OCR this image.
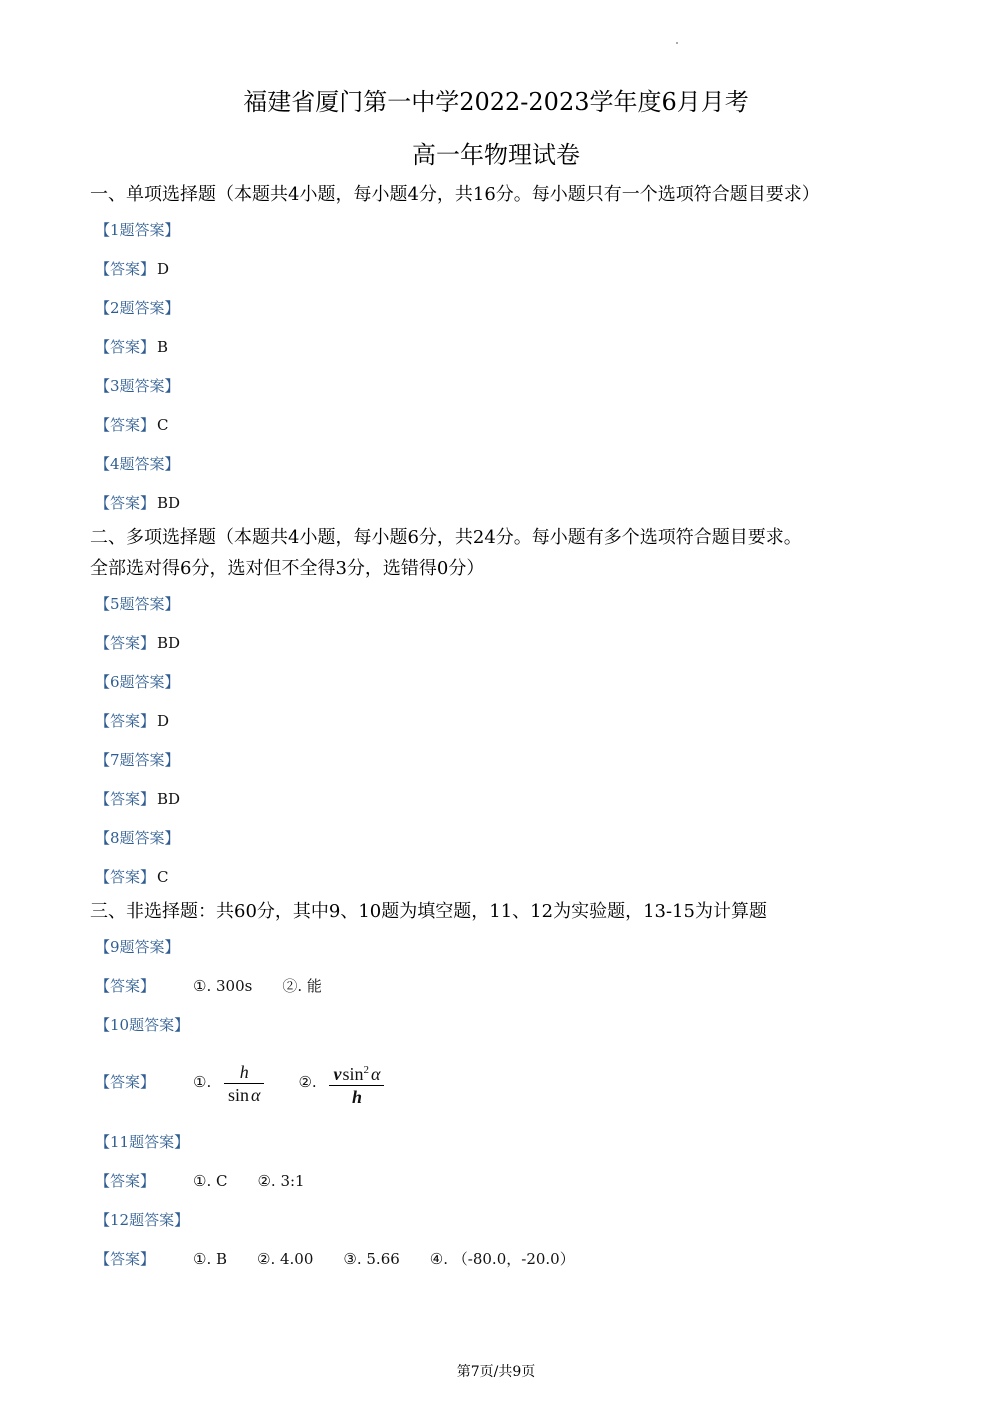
福建省厦门第一中学2022-2023学年度6月月考
高一年物理试卷
一、单项选择题（本题共4小题，每小题4分，共16分。每小题只有一个选项符合题目要求）
【1题答案】
【答案】 D
【2题答案】
【答案】 B
【3题答案】
【答案】 C
【4题答案】
【答案】 BD
二、多项选择题（本题共4小题，每小题6分，共24分。每小题有多个选项符合题目要求。
全部选对得6分，选对但不全得3分，选错得0分）
【5题答案】
【答案】 BD
【6题答案】
【答案】 D
【7题答案】
【答案】 BD
【8题答案】
【答案】 C
三、非选择题：共60分，其中9、10题为填空题，11、12为实验题，13-15为计算题
【9题答案】
【答案】	①. 300s ②. 能
【10题答案】
【答案】	①. $\frac{h}{\text{sin α}}$ ②. $\frac{vsin^2 \alpha}{h}$
【11题答案】
【答案】	①. C ②. 3:1
【12题答案】
【答案】	①. B ②. 4.00 ③. 5.66 ④. （-80.0，-20.0）
第7页/共9页
